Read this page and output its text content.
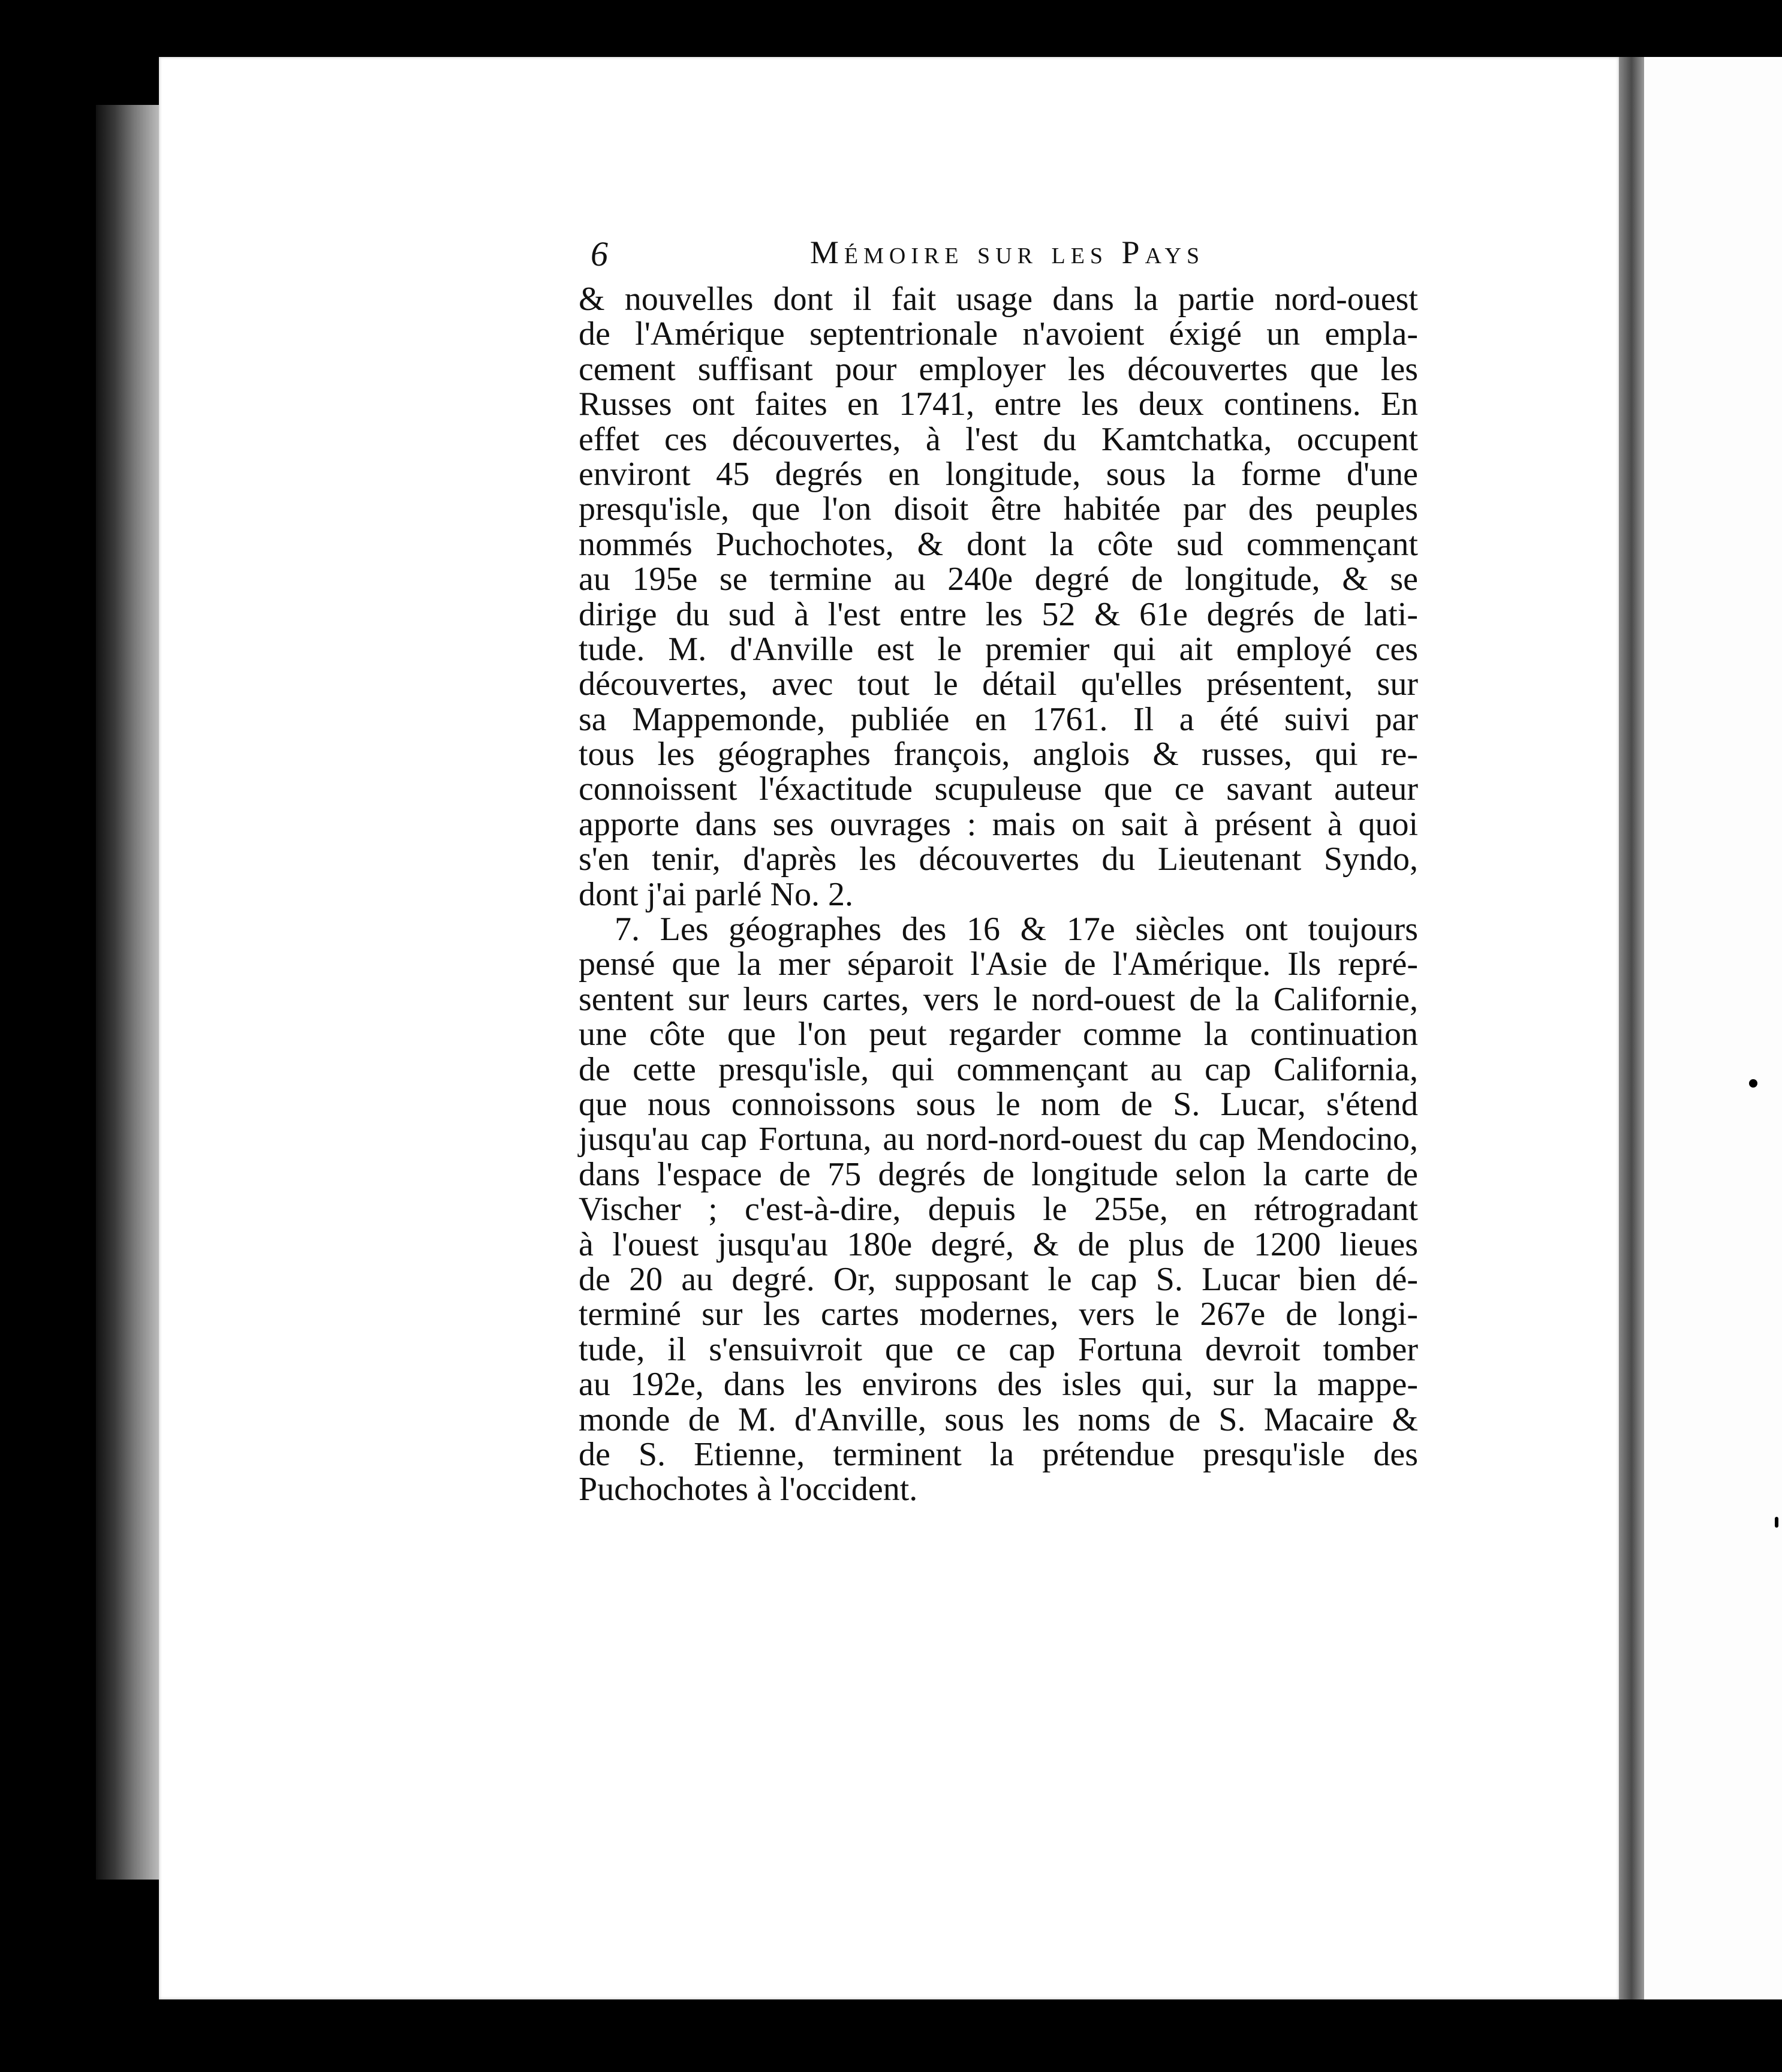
6	Mémoire sur les Pays
& nouvelles dont il fait usage dans la partie nord-ouest
de l'Amérique septentrionale n'avoient éxigé un empla-
cement suffisant pour employer les découvertes que les
Russes ont faites en 1741, entre les deux continens. En
effet ces découvertes, à l'est du Kamtchatka, occupent
environt 45 degrés en longitude, sous la forme d'une
presqu'isle, que l'on disoit être habitée par des peuples
nommés Puchochotes, & dont la côte sud commençant
au 195e se termine au 240e degré de longitude, & se
dirige du sud à l'est entre les 52 & 61e degrés de lati-
tude. M. d'Anville est le premier qui ait employé ces
découvertes, avec tout le détail qu'elles présentent, sur
sa Mappemonde, publiée en 1761. Il a été suivi par
tous les géographes françois, anglois & russes, qui re-
connoissent l'éxactitude scupuleuse que ce savant auteur
apporte dans ses ouvrages : mais on sait à présent à quoi
s'en tenir, d'après les découvertes du Lieutenant Syndo,
dont j'ai parlé No. 2.
7. Les géographes des 16 & 17e siècles ont toujours
pensé que la mer séparoit l'Asie de l'Amérique. Ils repré-
sentent sur leurs cartes, vers le nord-ouest de la Californie,
une côte que l'on peut regarder comme la continuation
de cette presqu'isle, qui commençant au cap California,
que nous connoissons sous le nom de S. Lucar, s'étend
jusqu'au cap Fortuna, au nord-nord-ouest du cap Mendocino,
dans l'espace de 75 degrés de longitude selon la carte de
Vischer ; c'est-à-dire, depuis le 255e, en rétrogradant
à l'ouest jusqu'au 180e degré, & de plus de 1200 lieues
de 20 au degré. Or, supposant le cap S. Lucar bien dé-
terminé sur les cartes modernes, vers le 267e de longi-
tude, il s'ensuivroit que ce cap Fortuna devroit tomber
au 192e, dans les environs des isles qui, sur la mappe-
monde de M. d'Anville, sous les noms de S. Macaire &
de S. Etienne, terminent la prétendue presqu'isle des
Puchochotes à l'occident.
